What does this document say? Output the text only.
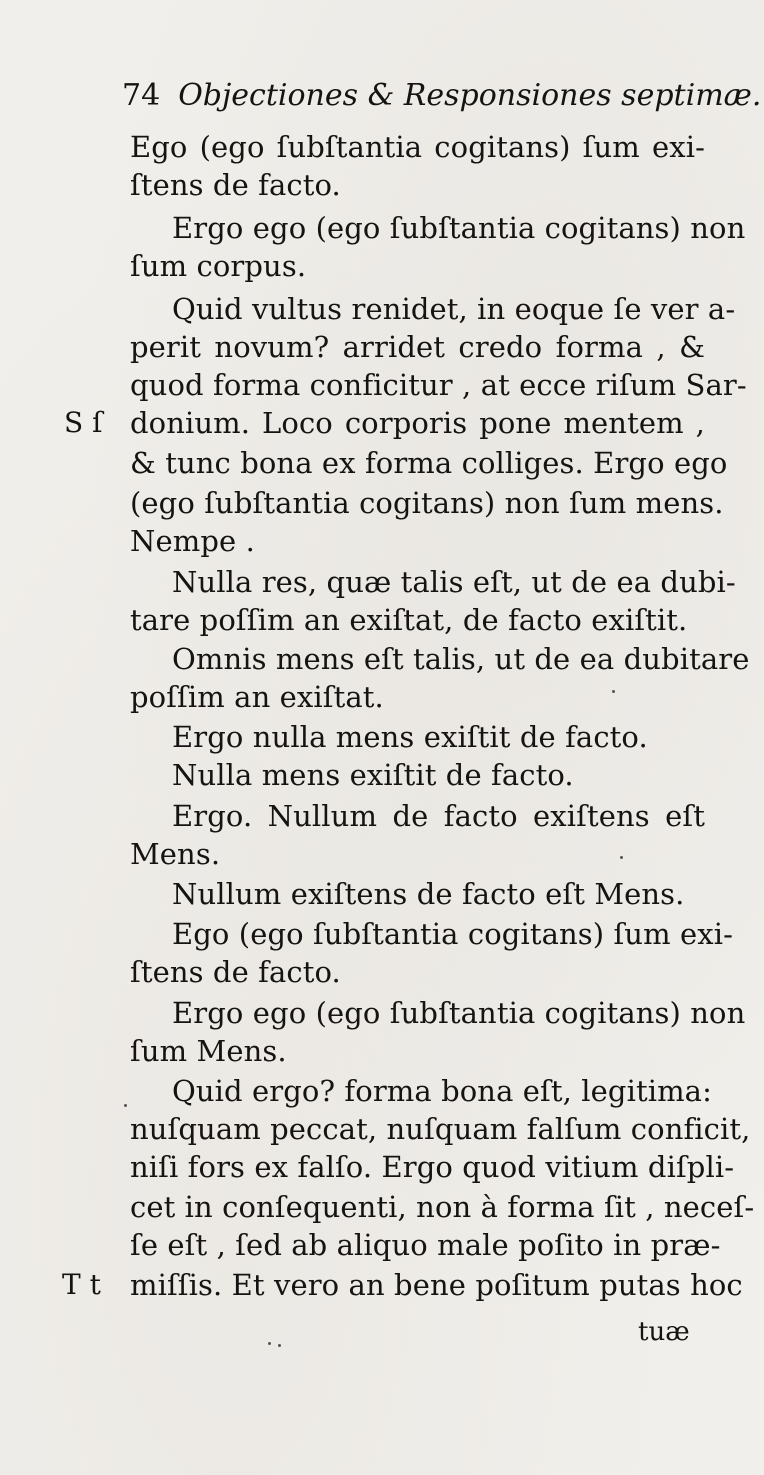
74 Objectiones & Responsiones septimæ.
Ego (ego ſubſtantia cogitans) ſum exi-
ſtens de facto.
Ergo ego (ego ſubſtantia cogitans) non
ſum corpus.
Quid vultus renidet, in eoque ſe ver a-
perit novum? arridet credo forma , &
quod forma conficitur , at ecce riſum Sar-
donium. Loco corporis pone mentem ,
& tunc bona ex forma colliges. Ergo ego
(ego ſubſtantia cogitans) non ſum mens.
Nempe .
Nulla res, quæ talis eſt, ut de ea dubi-
tare poſſim an exiſtat, de facto exiſtit.
Omnis mens eſt talis, ut de ea dubitare
poſſim an exiſtat.
Ergo nulla mens exiſtit de facto.
Nulla mens exiſtit de facto.
Ergo. Nullum de facto exiſtens eſt
Mens.
Nullum exiſtens de facto eſt Mens.
Ego (ego ſubſtantia cogitans) ſum exi-
ſtens de facto.
Ergo ego (ego ſubſtantia cogitans) non
ſum Mens.
Quid ergo? forma bona eſt, legitima:
nuſquam peccat, nuſquam falſum conficit,
niſi fors ex falſo. Ergo quod vitium diſpli-
cet in conſequenti, non à forma ſit , neceſ-
ſe eſt , ſed ab aliquo male poſito in præ-
miſſis. Et vero an bene poſitum putas hoc
S ſ
T t
tuæ
